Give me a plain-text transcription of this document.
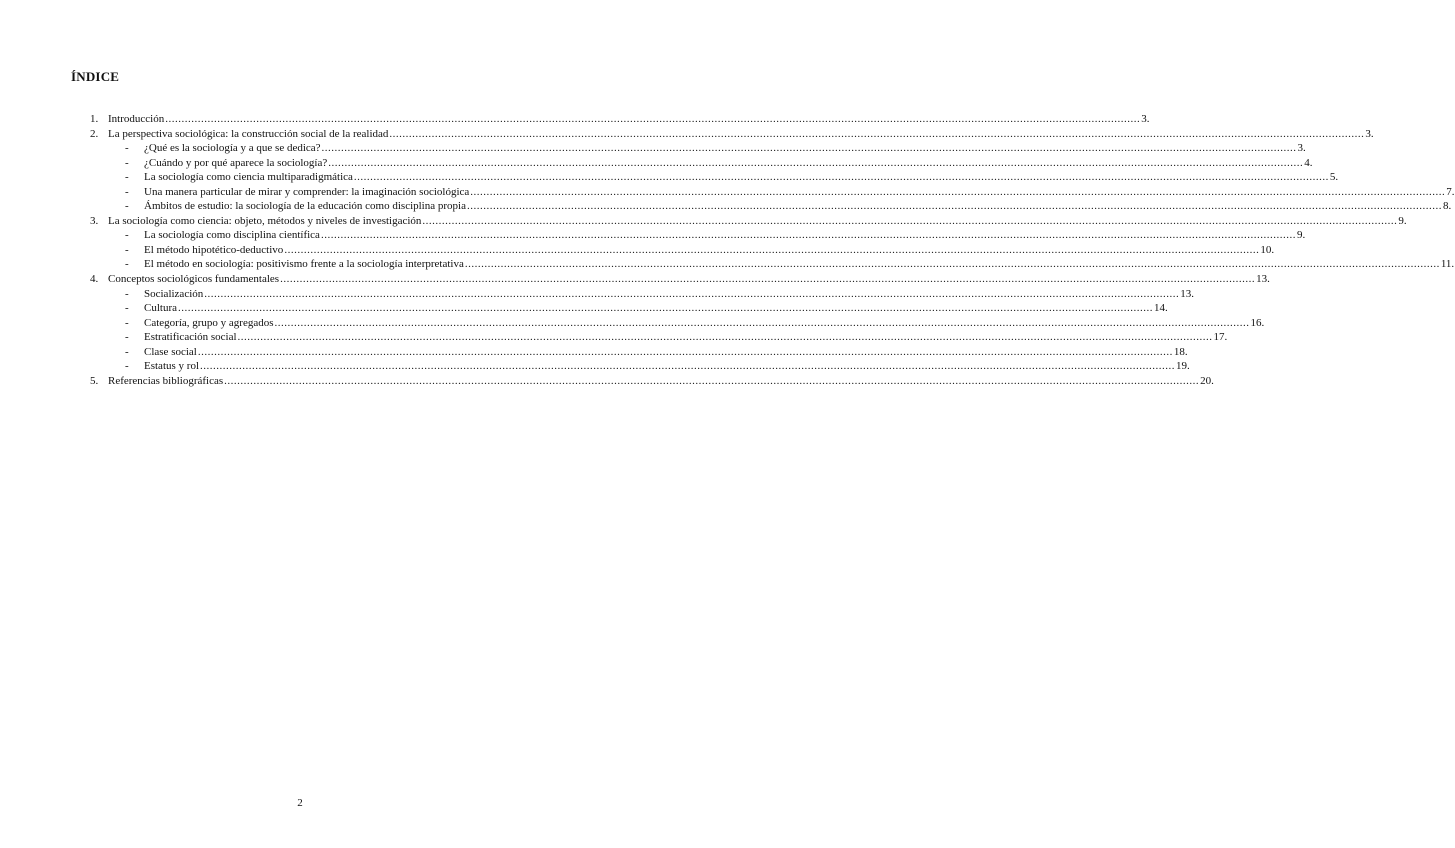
ÍNDICE
1. Introducción ............................................................................................................................................................................................................................................................................................................ 3.
2. La perspectiva sociológica: la construcción social de la realidad ............................................................................................................................................................................................................................................................................................................ 3.
-	¿Qué es la sociología y a que se dedica? ............................................................................................................................................................................................................................................................................................................ 3.
-	¿Cuándo y por qué aparece la sociología? ............................................................................................................................................................................................................................................................................................................ 4.
-	La sociología como ciencia multiparadigmática ............................................................................................................................................................................................................................................................................................................ 5.
-	Una manera particular de mirar y comprender: la imaginación sociológica ............................................................................................................................................................................................................................................................................................................ 7.
-	Ámbitos de estudio: la sociología de la educación como disciplina propia ............................................................................................................................................................................................................................................................................................................ 8.
3. La sociología como ciencia: objeto, métodos y niveles de investigación ............................................................................................................................................................................................................................................................................................................ 9.
-	La sociología como disciplina científica ............................................................................................................................................................................................................................................................................................................ 9.
-	El método hipotético-deductivo ............................................................................................................................................................................................................................................................................................................ 10.
-	El método en sociología: positivismo frente a la sociología interpretativa ............................................................................................................................................................................................................................................................................................................ 11.
4. Conceptos sociológicos fundamentales ............................................................................................................................................................................................................................................................................................................ 13.
-	Socialización ............................................................................................................................................................................................................................................................................................................ 13.
-	Cultura ............................................................................................................................................................................................................................................................................................................ 14.
-	Categoría, grupo y agregados ............................................................................................................................................................................................................................................................................................................ 16.
-	Estratificación social ............................................................................................................................................................................................................................................................................................................ 17.
-	Clase social ............................................................................................................................................................................................................................................................................................................ 18.
-	Estatus y rol ............................................................................................................................................................................................................................................................................................................ 19.
5. Referencias bibliográficas ............................................................................................................................................................................................................................................................................................................ 20.
2
